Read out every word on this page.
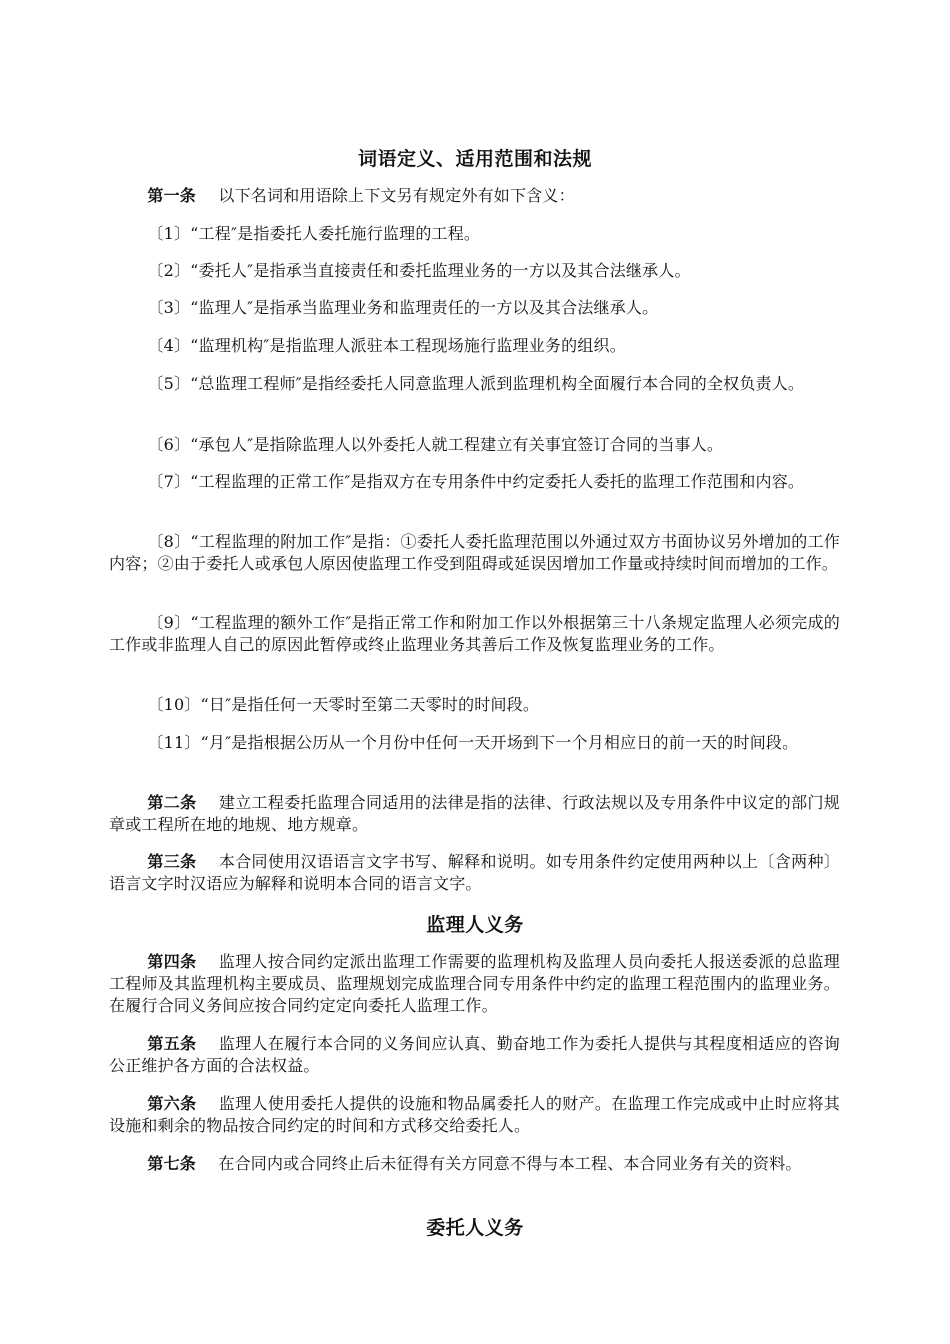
词语定义、适用范围和法规

第一条 以下名词和用语除上下文另有规定外有如下含义：

〔1〕“工程″是指委托人委托施行监理的工程。

〔2〕“委托人″是指承当直接责任和委托监理业务的一方以及其合法继承人。

〔3〕“监理人″是指承当监理业务和监理责任的一方以及其合法继承人。

〔4〕“监理机构″是指监理人派驻本工程现场施行监理业务的组织。

〔5〕“总监理工程师″是指经委托人同意监理人派到监理机构全面履行本合同的全权负责人。

〔6〕“承包人″是指除监理人以外委托人就工程建立有关事宜签订合同的当事人。

〔7〕“工程监理的正常工作″是指双方在专用条件中约定委托人委托的监理工作范围和内容。

〔8〕“工程监理的附加工作″是指：①委托人委托监理范围以外通过双方书面协议另外增加的工作内容；②由于委托人或承包人原因使监理工作受到阻碍或延误因增加工作量或持续时间而增加的工作。

〔9〕“工程监理的额外工作″是指正常工作和附加工作以外根据第三十八条规定监理人必须完成的工作或非监理人自己的原因此暂停或终止监理业务其善后工作及恢复监理业务的工作。

〔10〕“日″是指任何一天零时至第二天零时的时间段。

〔11〕“月″是指根据公历从一个月份中任何一天开场到下一个月相应日的前一天的时间段。

第二条 建立工程委托监理合同适用的法律是指的法律、行政法规以及专用条件中议定的部门规章或工程所在地的地规、地方规章。

第三条 本合同使用汉语语言文字书写、解释和说明。如专用条件约定使用两种以上〔含两种〕语言文字时汉语应为解释和说明本合同的语言文字。

监理人义务

第四条 监理人按合同约定派出监理工作需要的监理机构及监理人员向委托人报送委派的总监理工程师及其监理机构主要成员、监理规划完成监理合同专用条件中约定的监理工程范围内的监理业务。在履行合同义务间应按合同约定定向委托人监理工作。

第五条 监理人在履行本合同的义务间应认真、勤奋地工作为委托人提供与其程度相适应的咨询公正维护各方面的合法权益。

第六条 监理人使用委托人提供的设施和物品属委托人的财产。在监理工作完成或中止时应将其设施和剩余的物品按合同约定的时间和方式移交给委托人。

第七条 在合同内或合同终止后未征得有关方同意不得与本工程、本合同业务有关的资料。

委托人义务
